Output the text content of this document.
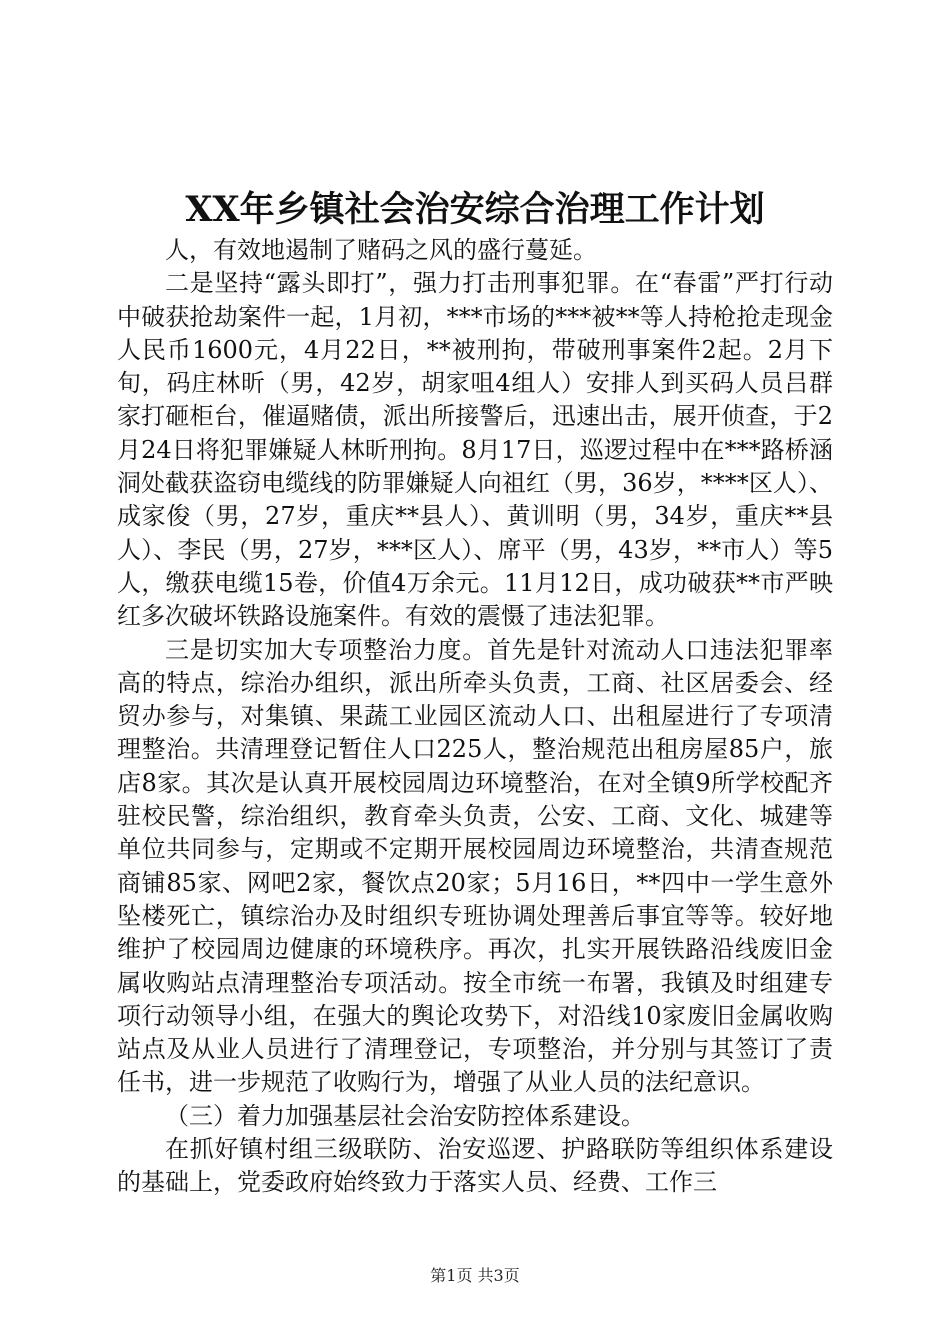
XX年乡镇社会治安综合治理工作计划

人，有效地遏制了赌码之风的盛行蔓延。

二是坚持“露头即打”，强力打击刑事犯罪。在“春雷”严打行动中破获抢劫案件一起，1月初，***市场的***被**等人持枪抢走现金人民币1600元，4月22日，**被刑拘，带破刑事案件2起。2月下旬，码庄林昕（男，42岁，胡家咀4组人）安排人到买码人员吕群家打砸柜台，催逼赌债，派出所接警后，迅速出击，展开侦查，于2月24日将犯罪嫌疑人林昕刑拘。8月17日，巡逻过程中在***路桥涵洞处截获盗窃电缆线的防罪嫌疑人向祖红（男，36岁，****区人）、成家俊（男，27岁，重庆**县人）、黄训明（男，34岁，重庆**县人）、李民（男，27岁，***区人）、席平（男，43岁，**市人）等5人，缴获电缆15卷，价值4万余元。11月12日，成功破获**市严映红多次破坏铁路设施案件。有效的震慑了违法犯罪。

三是切实加大专项整治力度。首先是针对流动人口违法犯罪率高的特点，综治办组织，派出所牵头负责，工商、社区居委会、经贸办参与，对集镇、果蔬工业园区流动人口、出租屋进行了专项清理整治。共清理登记暂住人口225人，整治规范出租房屋85户，旅店8家。其次是认真开展校园周边环境整治，在对全镇9所学校配齐驻校民警，综治组织，教育牵头负责，公安、工商、文化、城建等单位共同参与，定期或不定期开展校园周边环境整治，共清查规范商铺85家、网吧2家，餐饮点20家；5月16日，**四中一学生意外坠楼死亡，镇综治办及时组织专班协调处理善后事宜等等。较好地维护了校园周边健康的环境秩序。再次，扎实开展铁路沿线废旧金属收购站点清理整治专项活动。按全市统一布署，我镇及时组建专项行动领导小组，在强大的舆论攻势下，对沿线10家废旧金属收购站点及从业人员进行了清理登记，专项整治，并分别与其签订了责任书，进一步规范了收购行为，增强了从业人员的法纪意识。

（三）着力加强基层社会治安防控体系建设。

在抓好镇村组三级联防、治安巡逻、护路联防等组织体系建设的基础上，党委政府始终致力于落实人员、经费、工作三

第1页 共3页
